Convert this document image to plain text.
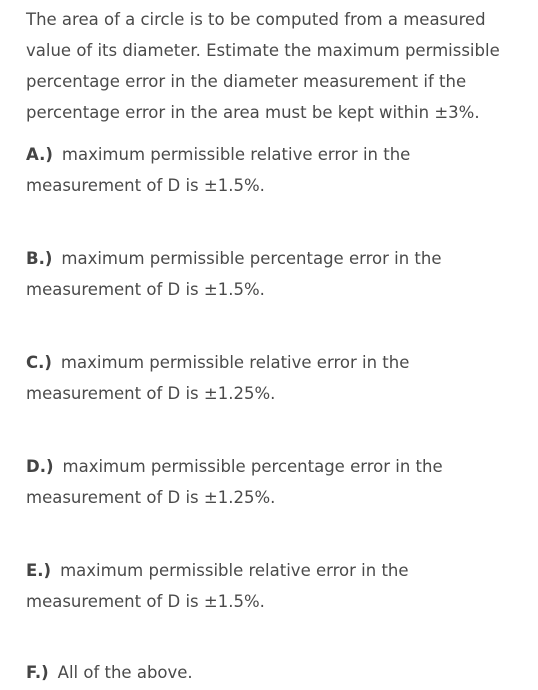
The area of a circle is to be computed from a measured
value of its diameter. Estimate the maximum permissible
percentage error in the diameter measurement if the
percentage error in the area must be kept within ±3%.
A.) maximum permissible relative error in the
measurement of D is ±1.5%.
B.) maximum permissible percentage error in the
measurement of D is ±1.5%.
C.) maximum permissible relative error in the
measurement of D is ±1.25%.
D.) maximum permissible percentage error in the
measurement of D is ±1.25%.
E.) maximum permissible relative error in the
measurement of D is ±1.5%.
F.) All of the above.
